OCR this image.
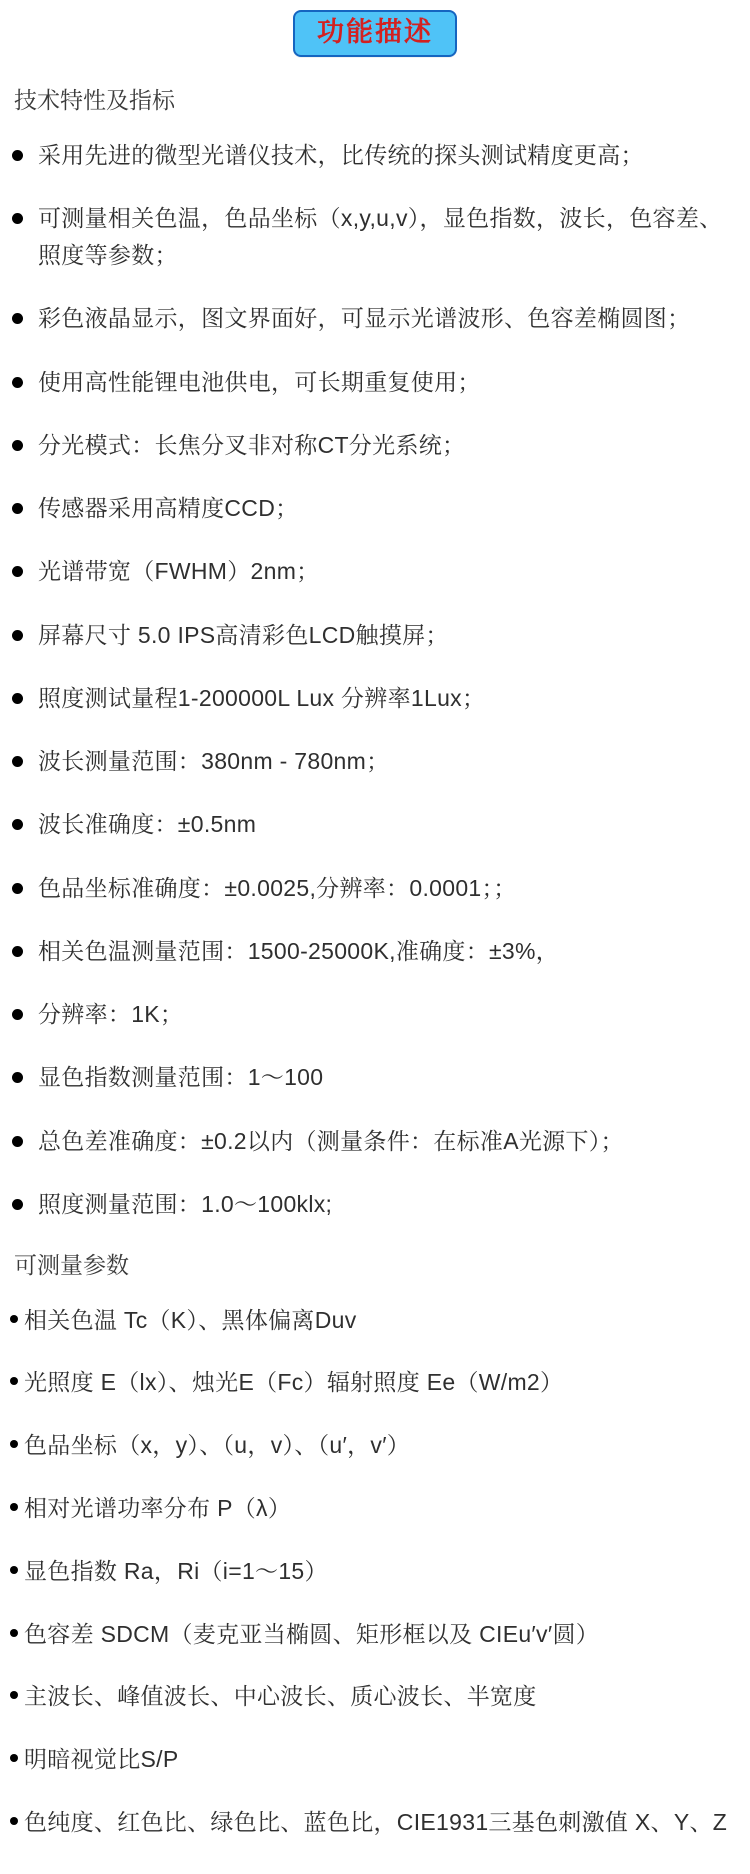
功能描述
技术特性及指标
采用先进的微型光谱仪技术，比传统的探头测试精度更高；
可测量相关色温，色品坐标（x,y,u,v），显色指数，波长，色容差、照度等参数；
彩色液晶显示，图文界面好，可显示光谱波形、色容差椭圆图；
使用高性能锂电池供电，可长期重复使用；
分光模式：长焦分叉非对称CT分光系统；
传感器采用高精度CCD；
光谱带宽（FWHM）2nm；
屏幕尺寸 5.0 IPS高清彩色LCD触摸屏；
照度测试量程1-200000L Lux 分辨率1Lux；
波长测量范围：380nm - 780nm；
波长准确度：±0.5nm
色品坐标准确度：±0.0025,分辨率：0.0001；；
相关色温测量范围：1500-25000K,准确度：±3%，
分辨率：1K；
显色指数测量范围：1～100
总色差准确度：±0.2以内（测量条件：在标准A光源下）；
照度测量范围：1.0～100klx;
可测量参数
相关色温 Tc（K）、黑体偏离Duv
光照度 E（lx）、烛光E（Fc）辐射照度 Ee（W/m2）
色品坐标（x，y）、（u，v）、（u′，v′）
相对光谱功率分布 P（λ）
显色指数 Ra，Ri（i=1～15）
色容差 SDCM（麦克亚当椭圆、矩形框以及 CIEu′v′圆）
主波长、峰值波长、中心波长、质心波长、半宽度
明暗视觉比S/P
色纯度、红色比、绿色比、蓝色比，CIE1931三基色刺激值 X、Y、Z
